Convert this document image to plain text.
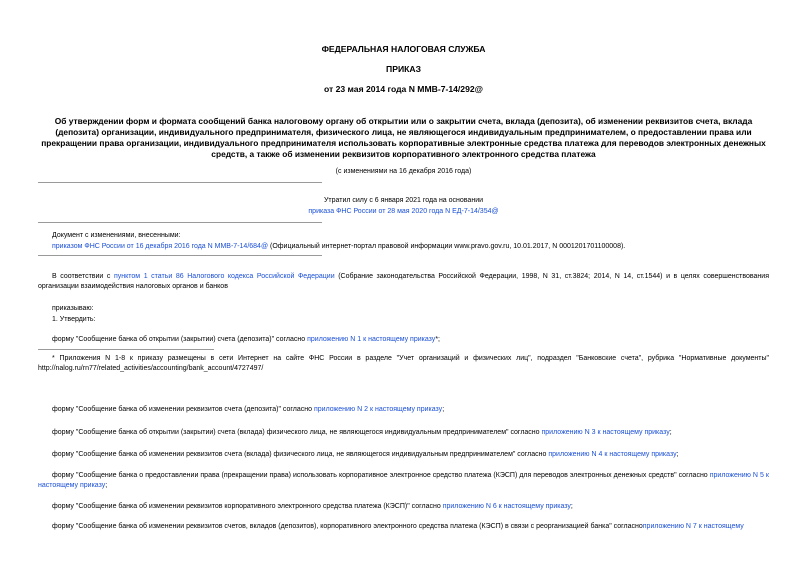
ФЕДЕРАЛЬНАЯ НАЛОГОВАЯ СЛУЖБА
ПРИКАЗ
от 23 мая 2014 года N ММВ-7-14/292@
Об утверждении форм и формата сообщений банка налоговому органу об открытии или о закрытии счета, вклада (депозита), об изменении реквизитов счета, вклада (депозита) организации, индивидуального предпринимателя, физического лица, не являющегося индивидуальным предпринимателем, о предоставлении права или прекращении права организации, индивидуального предпринимателя использовать корпоративные электронные средства платежа для переводов электронных денежных средств, а также об изменении реквизитов корпоративного электронного средства платежа
(с изменениями на 16 декабря 2016 года)
Утратил силу с 6 января 2021 года на основании
приказа ФНС России от 28 мая 2020 года N ЕД-7-14/354@
Документ с изменениями, внесенными:
приказом ФНС России от 16 декабря 2016 года N ММВ-7-14/684@ (Официальный интернет-портал правовой информации www.pravo.gov.ru, 10.01.2017, N 0001201701100008).
В соответствии с пунктом 1 статьи 86 Налогового кодекса Российской Федерации (Собрание законодательства Российской Федерации, 1998, N 31, ст.3824; 2014, N 14, ст.1544) и в целях совершенствования организации взаимодействия налоговых органов и банков
приказываю:
1. Утвердить:
форму "Сообщение банка об открытии (закрытии) счета (депозита)" согласно приложению N 1 к настоящему приказу*;
* Приложения N 1-8 к приказу размещены в сети Интернет на сайте ФНС России в разделе "Учет организаций и физических лиц", подраздел "Банковские счета", рубрика "Нормативные документы" http://nalog.ru/rn77/related_activities/accounting/bank_account/4727497/
форму "Сообщение банка об изменении реквизитов счета (депозита)" согласно приложению N 2 к настоящему приказу;
форму "Сообщение банка об открытии (закрытии) счета (вклада) физического лица, не являющегося индивидуальным предпринимателем" согласно приложению N 3 к настоящему приказу;
форму "Сообщение банка об изменении реквизитов счета (вклада) физического лица, не являющегося индивидуальным предпринимателем" согласно приложению N 4 к настоящему приказу;
форму "Сообщение банка о предоставлении права (прекращении права) использовать корпоративное электронное средство платежа (КЭСП) для переводов электронных денежных средств" согласно приложению N 5 к настоящему приказу;
форму "Сообщение банка об изменении реквизитов корпоративного электронного средства платежа (КЭСП)" согласно приложению N 6 к настоящему приказу;
форму "Сообщение банка об изменении реквизитов счетов, вкладов (депозитов), корпоративного электронного средства платежа (КЭСП) в связи с реорганизацией банка" согласноприложению N 7 к настоящему
